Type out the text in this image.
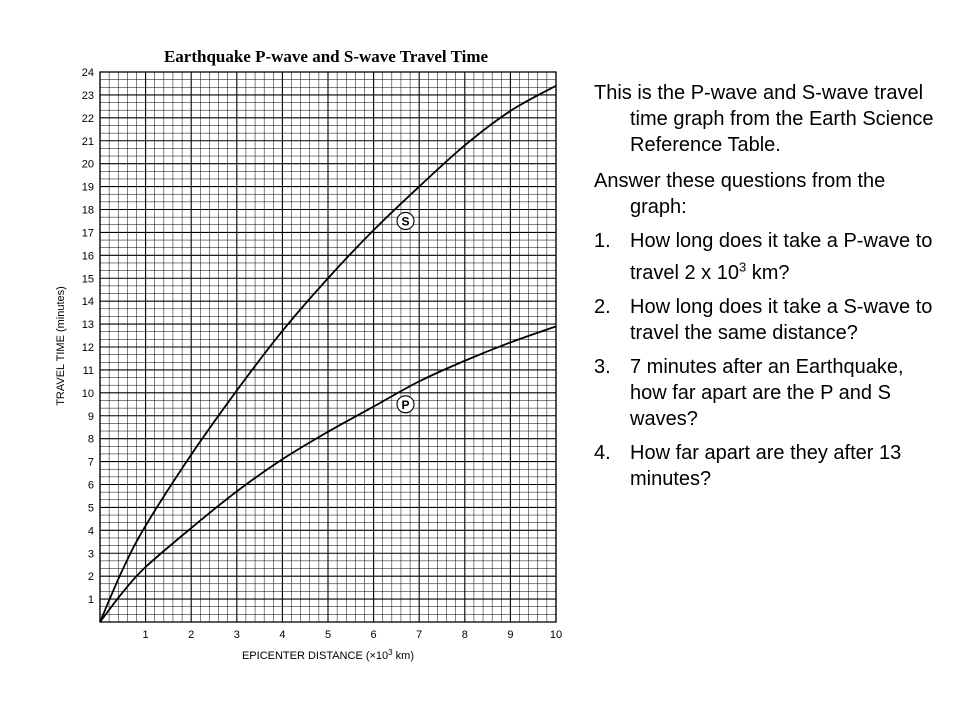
Earthquake P-wave and S-wave Travel Time
1	2	3	4	5	6	7	8	9	10
1
2
3
4
5
6
7
8
9
10
11
12
13
14
15
16
17
18
19
20
21
22
23
24
S
P
EPICENTER DISTANCE ($\times 10^3$ km)
TRAVEL TIME (minutes)

This is the P-wave and S-wave travel time graph from the Earth Science Reference Table.

Answer these questions from the graph:

1. How long does it take a P-wave to travel 2 x $10^3$ km?
2. How long does it take a S-wave to travel the same distance?
3. 7 minutes after an Earthquake, how far apart are the P and S waves?
4. How far apart are they after 13 minutes?
